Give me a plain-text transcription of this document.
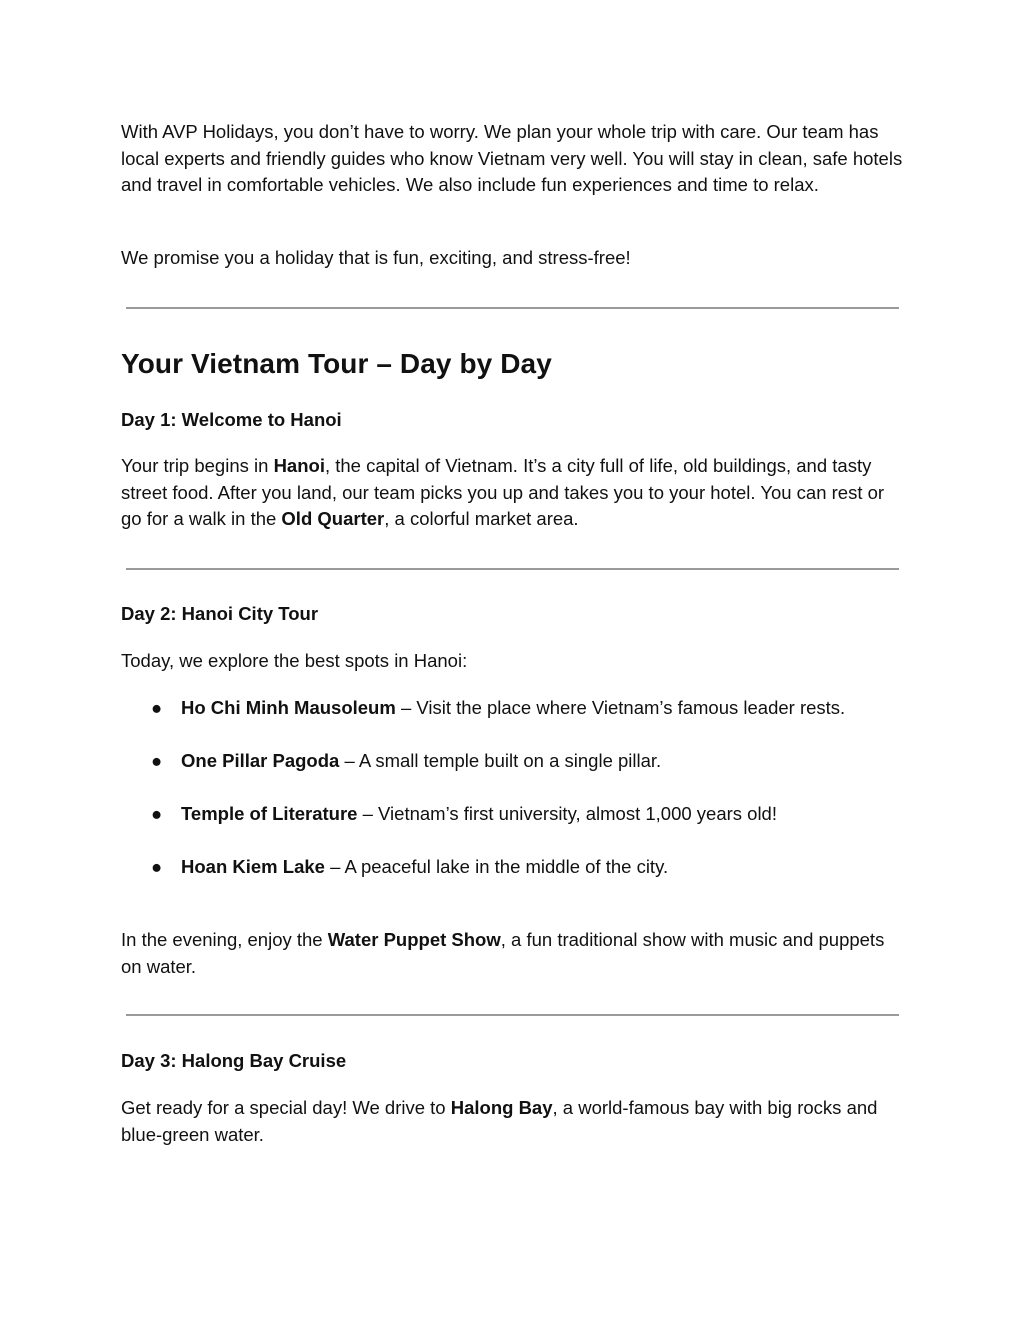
With AVP Holidays, you don’t have to worry. We plan your whole trip with care. Our team has local experts and friendly guides who know Vietnam very well. You will stay in clean, safe hotels and travel in comfortable vehicles. We also include fun experiences and time to relax.

We promise you a holiday that is fun, exciting, and stress-free!

Your Vietnam Tour – Day by Day
Day 1: Welcome to Hanoi

Your trip begins in Hanoi, the capital of Vietnam. It’s a city full of life, old buildings, and tasty street food. After you land, our team picks you up and takes you to your hotel. You can rest or go for a walk in the Old Quarter, a colorful market area.

Day 2: Hanoi City Tour

Today, we explore the best spots in Hanoi:

● Ho Chi Minh Mausoleum – Visit the place where Vietnam’s famous leader rests.
● One Pillar Pagoda – A small temple built on a single pillar.
● Temple of Literature – Vietnam’s first university, almost 1,000 years old!
● Hoan Kiem Lake – A peaceful lake in the middle of the city.

In the evening, enjoy the Water Puppet Show, a fun traditional show with music and puppets on water.

Day 3: Halong Bay Cruise

Get ready for a special day! We drive to Halong Bay, a world-famous bay with big rocks and blue-green water.
